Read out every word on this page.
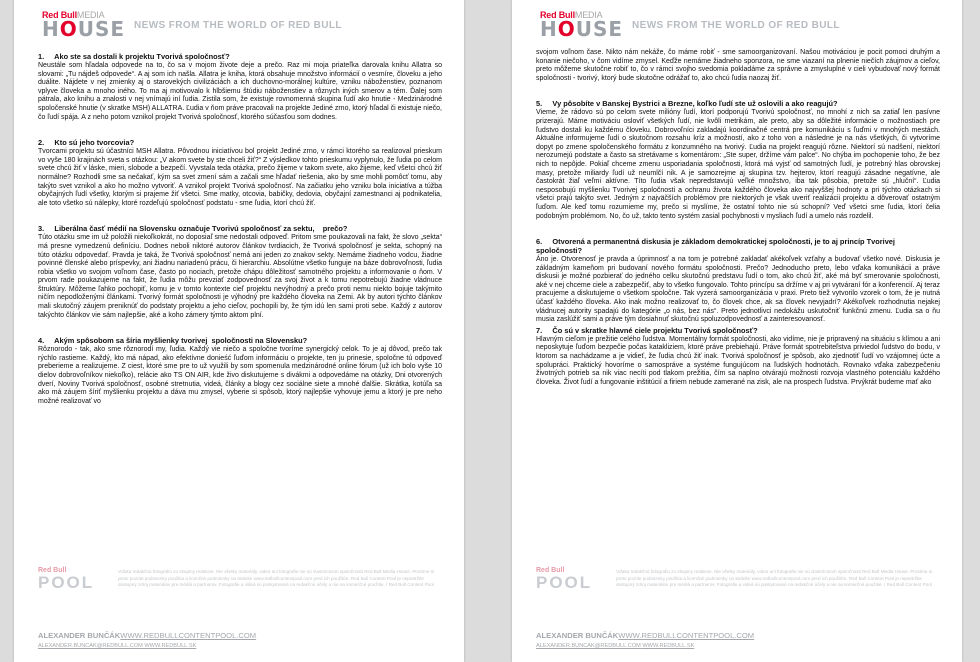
Red BullMEDIA
HOUSE NEWS FROM THE WORLD OF RED BULL
1.     Ako ste sa dostali k projektu Tvorivá spoločnosť?

Neustále som hľadala odpovede na to, čo sa v mojom živote deje a prečo. Raz mi moja priateľka darovala knihu Allatra so slovami: „Tu nájdeš odpovede“. A aj som ich našla. Allatra je kniha, ktorá obsahuje množstvo informácií o vesmíre, človeku a jeho duálite. Nájdete v nej zmienky aj o starovekých civilizáciách a ich duchovno-morálnej kultúre, vzniku náboženstiev, poznanom vplyve človeka a mnoho iného. To ma aj motivovalo k hlbšiemu štúdiu náboženstiev a rôznych iných smerov a tém. Ďalej som pátrala, ako knihu a znalosti v nej vnímajú iní ľudia. Zistila som, že existuje rovnomenná skupina ľudí ako hnutie - Medzinárodné spoločenské hnutie (v skratke MSH) ALLATRA. Ľudia v ňom práve pracovali na projekte Jediné zrno, ktorý hľadal či existuje niečo, čo ľudí spája. A z neho potom vznikol projekt Tvorivá spoločnosť, ktorého súčasťou som dodnes.

2.     Kto sú jeho tvorcovia?

Tvorcami projektu sú účastníci MSH Allatra. Pôvodnou iniciatívou bol projekt Jediné zrno, v rámci ktorého sa realizoval prieskum vo vyše 180 krajinách sveta s otázkou: „V akom svete by ste chceli žiť?“ Z výsledkov tohto prieskumu vyplynulo, že ľudia po celom svete chcú žiť v láske, mieri, slobode a bezpečí. Vyvstala teda otázka, prečo žijeme v takom svete, ako žijeme, keď všetci chcú žiť normálne? Rozhodli sme sa nečakať, kým sa svet zmení sám a začali sme hľadať riešenia, ako by sme mohli pomôcť tomu, aby takýto svet vznikol a ako ho možno vytvoriť. A vznikol projekt Tvorivá spoločnosť. Na začiatku jeho vzniku bola iniciatíva a túžba obyčajných ľudí všetky, ktorým si prajeme žiť všetci. Sme matky, otcovia, babičky, dedovia, obyčajní zamestnanci aj podnikatelia, ale toto všetko sú nálepky, ktoré rozdeľujú spoločnosť podstatu - sme ľudia, ktorí chcú žiť.

3.     Liberálna časť médií na Slovensku označuje Tvorivú spoločnosť za sektu,    prečo?

Túto otázku sme im už položili niekoľkokrát, no doposiaľ sme nedostali odpoveď. Pritom sme poukazovali na fakt, že slovo „sekta“ má presne vymedzenú definíciu. Dodnes neboli niktoré autorov článkov tvrdiacich, že Tvorivá spoločnosť je sekta, schopný na túto otázku odpovedať. Pravda je taká, že Tvorivá spoločnosť nemá ani jeden zo znakov sekty. Nemáme žiadneho vodcu, žiadne povinné členské alebo príspevky, ani žiadnu nariadenú prácu, či hierarchiu. Absolútne všetko funguje na báze dobrovoľnosti, ľudia robia všetko vo svojom voľnom čase, často po nociach, pretože chápu dôležitosť samotného projektu a informovanie o ňom. V prvom rade poukazujeme na fakt, že ľudia môžu prevziať zodpovednosť za svoj život a k tomu nepotrebujú žiadne vládnuce štruktúry. Môžeme ľahko pochopiť, komu je v tomto kontexte cieľ projektu nevýhodný a prečo proti nemu niekto bojuje takýmito ničím nepodloženými článkami. Tvorivý formát spoločnosti je výhodný pre každého človeka na Zemi. Ak by autori týchto článkov mali skutočný záujem preniknúť do podstaty projektu a jeho cieľov, pochopili by, že tým idú len sami proti sebe. Každý z autorov takýchto článkov vie sám najlepšie, aké a koho zámery týmto aktom plní.

4.     Akým spôsobom sa šíria myšlienky tvorivej  spoločnosti na Slovensku?

Rôznorodo - tak, ako sme rôznorodí my, ľudia. Každý vie niečo a spoločne tvoríme synergický celok. To je aj dôvod, prečo tak rýchlo rastieme. Každý, kto má nápad, ako efektívne donieść ľuďom informáciu o projekte, ten ju prinesie, spoločne tú odpoveď preberieme a realizujeme. Z ciest, ktoré sme pre to už využili by som spomenula medzinárodné online fórum (už ich bolo vyše 10 dielov dobrovoľníkov niekoľko), relácie ako TS ON AIR, kde živo diskutujeme s divákmi a odpovedáme na otázky, Dni otvorených dverí, Noviny Tvorivá spoločnosť, osobné stretnutia, videá, články a blogy cez sociálne siete a mnohé ďalšie. Skrátka, kotúľa sa ako má záujem šíriť myšlienku projektu a dáva mu zmysel, vyberie si spôsob, ktorý najlepšie vyhovuje jemu a ktorý je pre neho možné realizovať vo

Red Bull
POOL
Vďaka redakčnú fotografiu zo skupiny redakcie. Nie všetky materiály, video ani fotografie nie sú vlastníctvom spoločnosti Red Bull Media House. Prosíme si preto pozrite podmienky použitia a licenčné podmienky na stránke www.redbullcontentpool.com pred ich použitím. Red Bull Content Pool je nepretržite dostupný zdroj materiálov pre médiá a partnerov. Fotografie a videá sú poskytované na redakčné účely a nie na komerčné použitie. / Red Bull Content Pool
ALEXANDER BUNČÁKWWW.REDBULLCONTENTPOOL.COM
ALEXANDER.BUNCAK@REDBULL.COM WWW.REDBULL.SK
Red BullMEDIA
HOUSE NEWS FROM THE WORLD OF RED BULL

svojom voľnom čase. Nikto nám nekáže, čo máme robiť - sme samoorganizovaní. Našou motiváciou je pocit pomoci druhým a konanie niečoho, v čom vidíme zmysel. Keďže nemáme žiadneho sponzora, ne sme viazaní na plnenie niečích záujmov a cieľov, preto môžeme skutočne robiť to, čo v rámci svojho svedomia pokladáme za správne a zmysluplné v cieli vybudovať nový formát spoločnosti - tvorivý, ktorý bude skutočne odrážať to, ako chcú ľudia naozaj žiť.

5.     Vy pôsobíte v Banskej Bystrici a Brezne, koľko ľudí ste už oslovili a ako reagujú?

Vieme, že rádovo sú po celom svete milióny ľudí, ktorí podporujú Tvorivú spoločnosť, no mnohí z nich sa zatiaľ len pasívne prizerajú. Máme motiváciu osloviť všetkých ľudí, nie kvôli metrikám, ale preto, aby sa dôležité informácie o možnostiach pre ľudstvo dostali ku každému človeku. Dobrovoľníci zakladajú koordinačné centrá pre komunikáciu s ľuďmi v mnohých mestách. Aktuálne informujeme ľudí o skutočnom rozsahu kríz a možností, ako z toho von a následne je na nás všetkých, či vytvoríme dopyt po zmene spoločenského formátu z konzumného na tvorivý. Ľudia na projekt reagujú rôzne. Niektorí sú nadšení, niektorí nerozumejú podstate a často sa stretávame s komentárom: „Ste super, držíme vám palce“. No chýba im pochopenie toho, že bez nich to nepôjde. Pokiaľ chceme zmenu usporiadania spoločnosti, ktorá má vyjsť od samotných ľudí, je potrebný hlas obrovskej masy, pretože miliardy ľudí už neumlčí nik. A je samozrejme aj skupina tzv. hejterov, ktorí reagujú zásadne negatívne, ale častokrát žiaľ veľmi aktívne. Títo ľudia však nepredstavujú veľké množstvo, iba tak pôsobia, pretože sú „hluční“. Ľudia nesposobujú myšlienku Tvorivej spoločnosti a ochranu života každého človeka ako najvyššej hodnoty a pri týchto otázkach si všetci prajú takýto svet. Jedným z najväčších problémov pre niektorých je však uveriť realizácii projektu a dôverovať ostatným ľuďom. Ale keď tomu rozumieme my, prečo si myslíme, že ostatní tohto nie sú schopní? Veď všetci sme ľudia, ktorí čelia podobným problémom. No, čo už, takto tento systém zasial pochybnosti v mysliach ľudí a umelo nás rozdelil.

6.     Otvorená a permanentná diskusia je základom demokratickej spoločnosti, je to aj princíp Tvorivej spoločnosti?

Áno je. Otvorenosť je pravda a úprimnosť a na tom je potrebné zakladať akékoľvek vzťahy a budovať všetko nové. Diskusia je základným kameňom pri budovaní nového formátu spoločnosti. Prečo? Jednoducho preto, lebo vďaka komunikácii a práve diskusii je možné pozbierať do jedného celku skutočnú predstavu ľudí o tom, ako chcú žiť, aké má byť smerovanie spoločnosti, aké v nej chceme ciele a zabezpečiť, aby to všetko fungovalo. Tohto princípu sa držíme v aj pri vytváraní fór a konferencií. Aj teraz pracujeme a diskutujeme o všetkom spoločne. Tak vyzerá samoorganizácia v praxi. Preto tiež vytvorilo vzorek o tom, že je nutná účasť každého človeka. Ako inak možno realizovať to, čo človek chce, ak sa človek nevyjadrí? Akékoľvek rozhodnutia nejakej vládnucej autority spadajú do kategórie „o nás, bez nás“. Preto jednotlivci nedokážu uskutočniť funkčnú zmenu. Ľudia sa o ňu musia zaslúžiť sami a práve tým dosiahnuť skutočnú spoluzodpovednosť a zainteresovanosť.

7.     Čo sú v skratke hlavné ciele projektu Tvorivá spoločnosť?

Hlavným cieľom je prežitie celého ľudstva. Momentálny formát spoločnosti, ako vidíme, nie je pripravený na situáciu s klímou a ani neposkytuje ľuďom bezpečie počas katakliziem, ktoré práve prebiehajú. Práve formát spotrebiteľstva priviedol ľudstvo do bodu, v ktorom sa nachádzame a je vidieť, že ľudia chcú žiť inak. Tvorivá spoločnosť je spôsob, ako zjednotiť ľudí vo vzájomnej úcte a spolupráci. Praktický hovoríme o samospráve a systéme fungujúcom na ľudských hodnotách. Rovnako vďaka zabezpečeniu životných potrieb sa nik viac necíti pod tlakom prežitia, čím sa naplno otvárajú možnosti rozvoja vlastného potenciálu každého človeka. Život ľudí a fungovanie inštitúcií a firiem nebude zamerané na zisk, ale na prospech ľudstva. Prvýkrát budeme mať ako

Red Bull
POOL
Vďaka redakčnú fotografiu zo skupiny redakcie. Nie všetky materiály, video ani fotografie nie sú vlastníctvom spoločnosti Red Bull Media House. Prosíme si preto pozrite podmienky použitia a licenčné podmienky na stránke www.redbullcontentpool.com pred ich použitím. Red Bull Content Pool je nepretržite dostupný zdroj materiálov pre médiá a partnerov. Fotografie a videá sú poskytované na redakčné účely a nie na komerčné použitie. / Red Bull Content Pool
ALEXANDER BUNČÁKWWW.REDBULLCONTENTPOOL.COM
ALEXANDER.BUNCAK@REDBULL.COM WWW.REDBULL.SK
